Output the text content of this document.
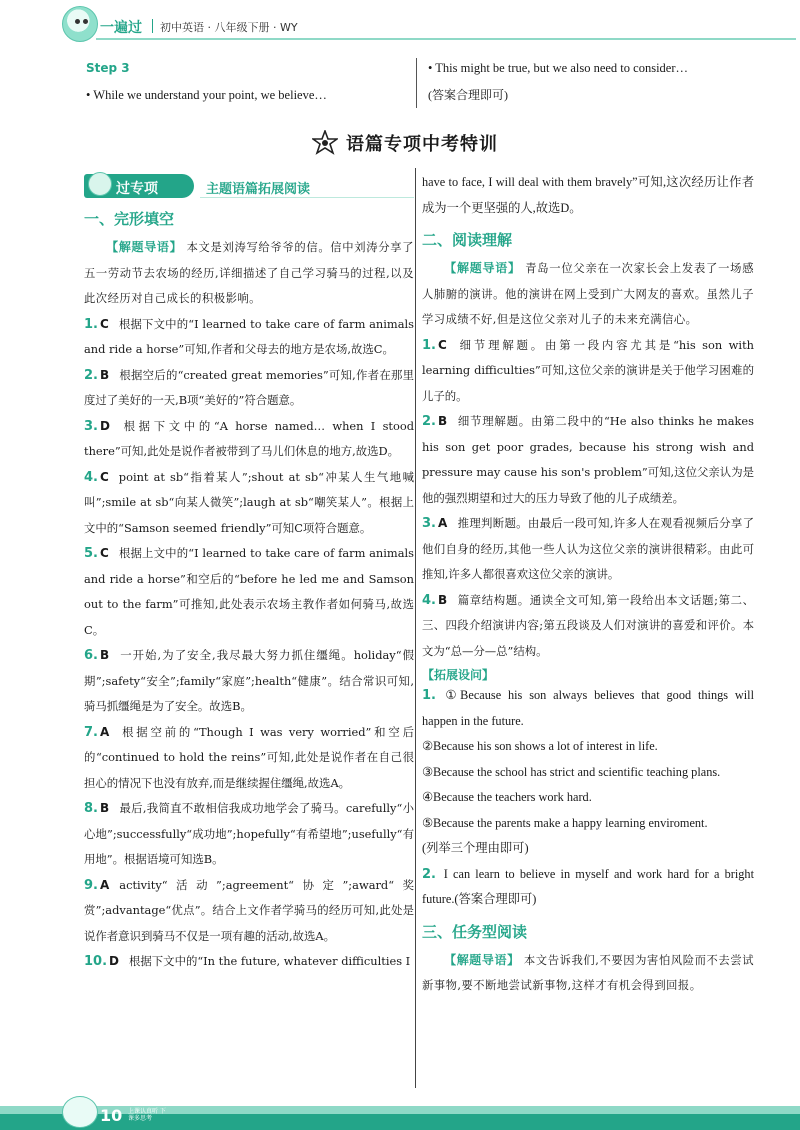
一遍过 初中英语 · 八年级下册 · WY
Step 3
• While we understand your point, we believe…
• This might be true, but we also need to consider…
(答案合理即可)
语篇专项中考特训
过专项	主题语篇拓展阅读
一、完形填空
【解题导语】 本文是刘涛写给爷爷的信。信中刘涛分享了五一劳动节去农场的经历,详细描述了自己学习骑马的过程,以及此次经历对自己成长的积极影响。
1. C 根据下文中的“I learned to take care of farm animals and ride a horse”可知,作者和父母去的地方是农场,故选C。
2. B 根据空后的“created great memories”可知,作者在那里度过了美好的一天,B项“美好的”符合题意。
3. D 根据下文中的“A horse named… when I stood there”可知,此处是说作者被带到了马儿们休息的地方,故选D。
4. C point at sb“指着某人”;shout at sb“冲某人生气地喊叫”;smile at sb“向某人微笑”;laugh at sb“嘲笑某人”。根据上文中的“Samson seemed friendly”可知C项符合题意。
5. C 根据上文中的“I learned to take care of farm animals and ride a horse”和空后的“before he led me and Samson out to the farm”可推知,此处表示农场主教作者如何骑马,故选C。
6. B 一开始,为了安全,我尽最大努力抓住缰绳。holiday“假期”;safety“安全”;family“家庭”;health“健康”。结合常识可知,骑马抓缰绳是为了安全。故选B。
7. A 根据空前的“Though I was very worried”和空后的“continued to hold the reins”可知,此处是说作者在自己很担心的情况下也没有放弃,而是继续握住缰绳,故选A。
8. B 最后,我简直不敢相信我成功地学会了骑马。carefully“小心地”;successfully“成功地”;hopefully“有希望地”;usefully“有用地”。根据语境可知选B。
9. A activity“活动”;agreement“协定”;award“奖赏”;advantage“优点”。结合上文作者学骑马的经历可知,此处是说作者意识到骑马不仅是一项有趣的活动,故选A。
10. D 根据下文中的“In the future, whatever difficulties I
have to face, I will deal with them bravely”可知,这次经历让作者成为一个更坚强的人,故选D。
二、阅读理解
【解题导语】 青岛一位父亲在一次家长会上发表了一场感人肺腑的演讲。他的演讲在网上受到广大网友的喜欢。虽然儿子学习成绩不好,但是这位父亲对儿子的未来充满信心。
1. C 细节理解题。由第一段内容尤其是“his son with learning difficulties”可知,这位父亲的演讲是关于他学习困难的儿子的。
2. B 细节理解题。由第二段中的“He also thinks he makes his son get poor grades, because his strong wish and pressure may cause his son's problem”可知,这位父亲认为是他的强烈期望和过大的压力导致了他的儿子成绩差。
3. A 推理判断题。由最后一段可知,许多人在观看视频后分享了他们自身的经历,其他一些人认为这位父亲的演讲很精彩。由此可推知,许多人都很喜欢这位父亲的演讲。
4. B 篇章结构题。通读全文可知,第一段给出本文话题;第二、三、四段介绍演讲内容;第五段谈及人们对演讲的喜爱和评价。本文为“总—分—总”结构。
【拓展设问】
1. ①Because his son always believes that good things will happen in the future.
②Because his son shows a lot of interest in life.
③Because the school has strict and scientific teaching plans.
④Because the teachers work hard.
⑤Because the parents make a happy learning enviroment.
(列举三个理由即可)
2. I can learn to believe in myself and work hard for a bright future.(答案合理即可)
三、任务型阅读
【解题导语】 本文告诉我们,不要因为害怕风险而不去尝试新事物,要不断地尝试新事物,这样才有机会得到回报。
10 上课认真听 下课多思考
